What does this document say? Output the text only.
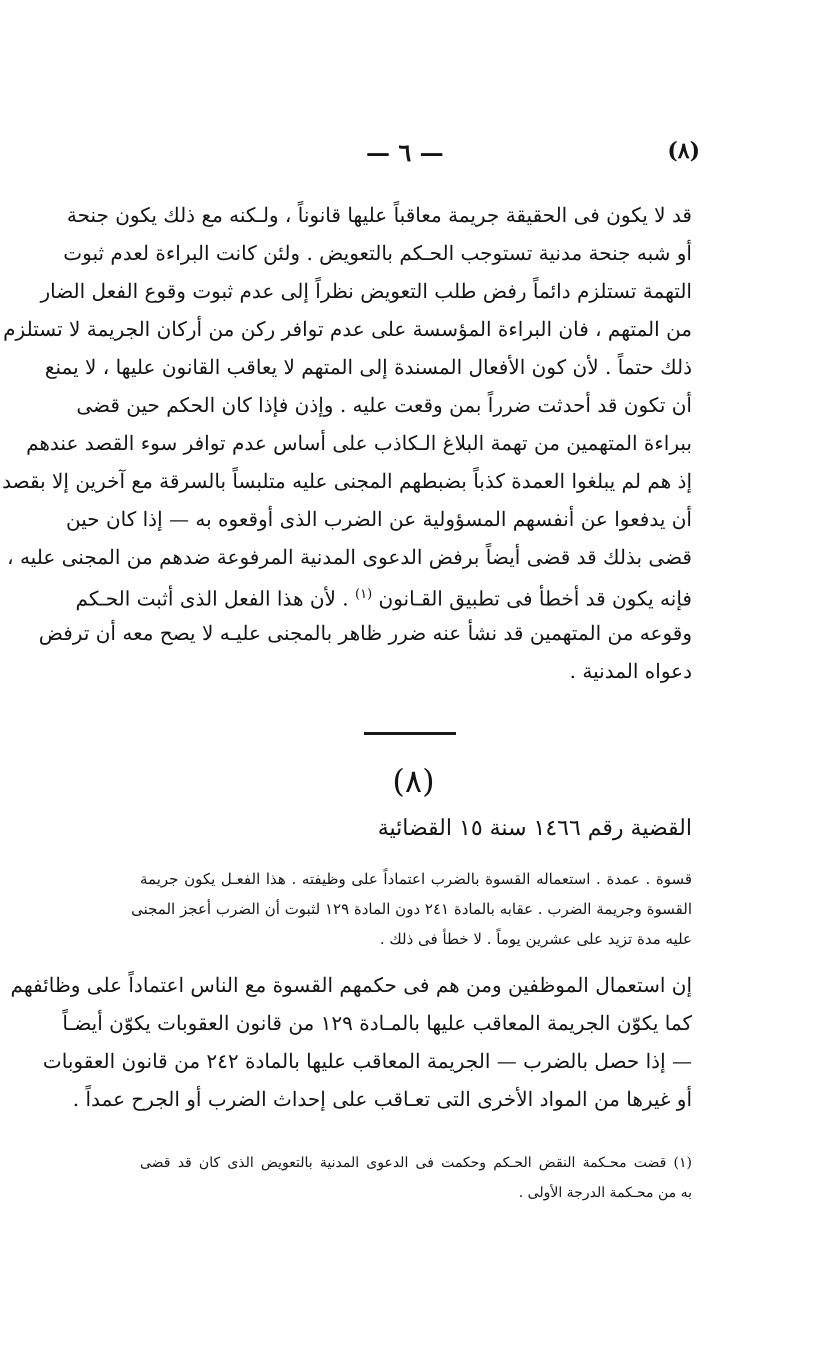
— ٦ —	(٨)
قد لا يكون فى الحقيقة جريمة معاقباً عليها قانوناً ، ولـكنه مع ذلك يكون جنحة
أو شبه جنحة مدنية تستوجب الحـكم بالتعويض . ولئن كانت البراءة لعدم ثبوت
التهمة تستلزم دائماً رفض طلب التعويض نظراً إلى عدم ثبوت وقوع الفعل الضار
من المتهم ، فان البراءة المؤسسة على عدم توافر ركن من أركان الجريمة لا تستلزم
ذلك حتماً . لأن كون الأفعال المسندة إلى المتهم لا يعاقب القانون عليها ، لا يمنع
أن تكون قد أحدثت ضرراً بمن وقعت عليه . وإذن فإذا كان الحكم حين قضى
ببراءة المتهمين من تهمة البلاغ الـكاذب على أساس عدم توافر سوء القصد عندهم
إذ هم لم يبلغوا العمدة كذباً بضبطهم المجنى عليه متلبساً بالسرقة مع آخرين إلا بقصد
أن يدفعوا عن أنفسهم المسؤولية عن الضرب الذى أوقعوه به — إذا كان حين
قضى بذلك قد قضى أيضاً برفض الدعوى المدنية المرفوعة ضدهم من المجنى عليه ،
فإنه يكون قد أخطأ فى تطبيق القـانون $^{(١)}$ . لأن هذا الفعل الذى أثبت الحـكم
وقوعه من المتهمين قد نشأ عنه ضرر ظاهر بالمجنى عليـه لا يصح معه أن ترفض
دعواه المدنية .
(٨)
القضية رقم ١٤٦٦ سنة ١٥ القضائية
قسوة . عمدة . استعماله القسوة بالضرب اعتماداً على وظيفته . هذا الفعـل يكون جريمة
القسوة وجريمة الضرب . عقابه بالمادة ٢٤١ دون المادة ١٢٩ لثبوت أن الضرب أعجز المجنى
عليه مدة تزيد على عشرين يوماً . لا خطأ فى ذلك .
إن استعمال الموظفين ومن هم فى حكمهم القسوة مع الناس اعتماداً على وظائفهم
كما يكوّن الجريمة المعاقب عليها بالمـادة ١٢٩ من قانون العقوبات يكوّن أيضـاً
— إذا حصل بالضرب — الجريمة المعاقب عليها بالمادة ٢٤٢ من قانون العقوبات
أو غيرها من المواد الأخرى التى تعـاقب على إحداث الضرب أو الجرح عمداً .
(١) قضت محـكمة النقض الحـكم وحكمت فى الدعوى المدنية بالتعويض الذى كان قد قضى
به من محـكمة الدرجة الأولى .
